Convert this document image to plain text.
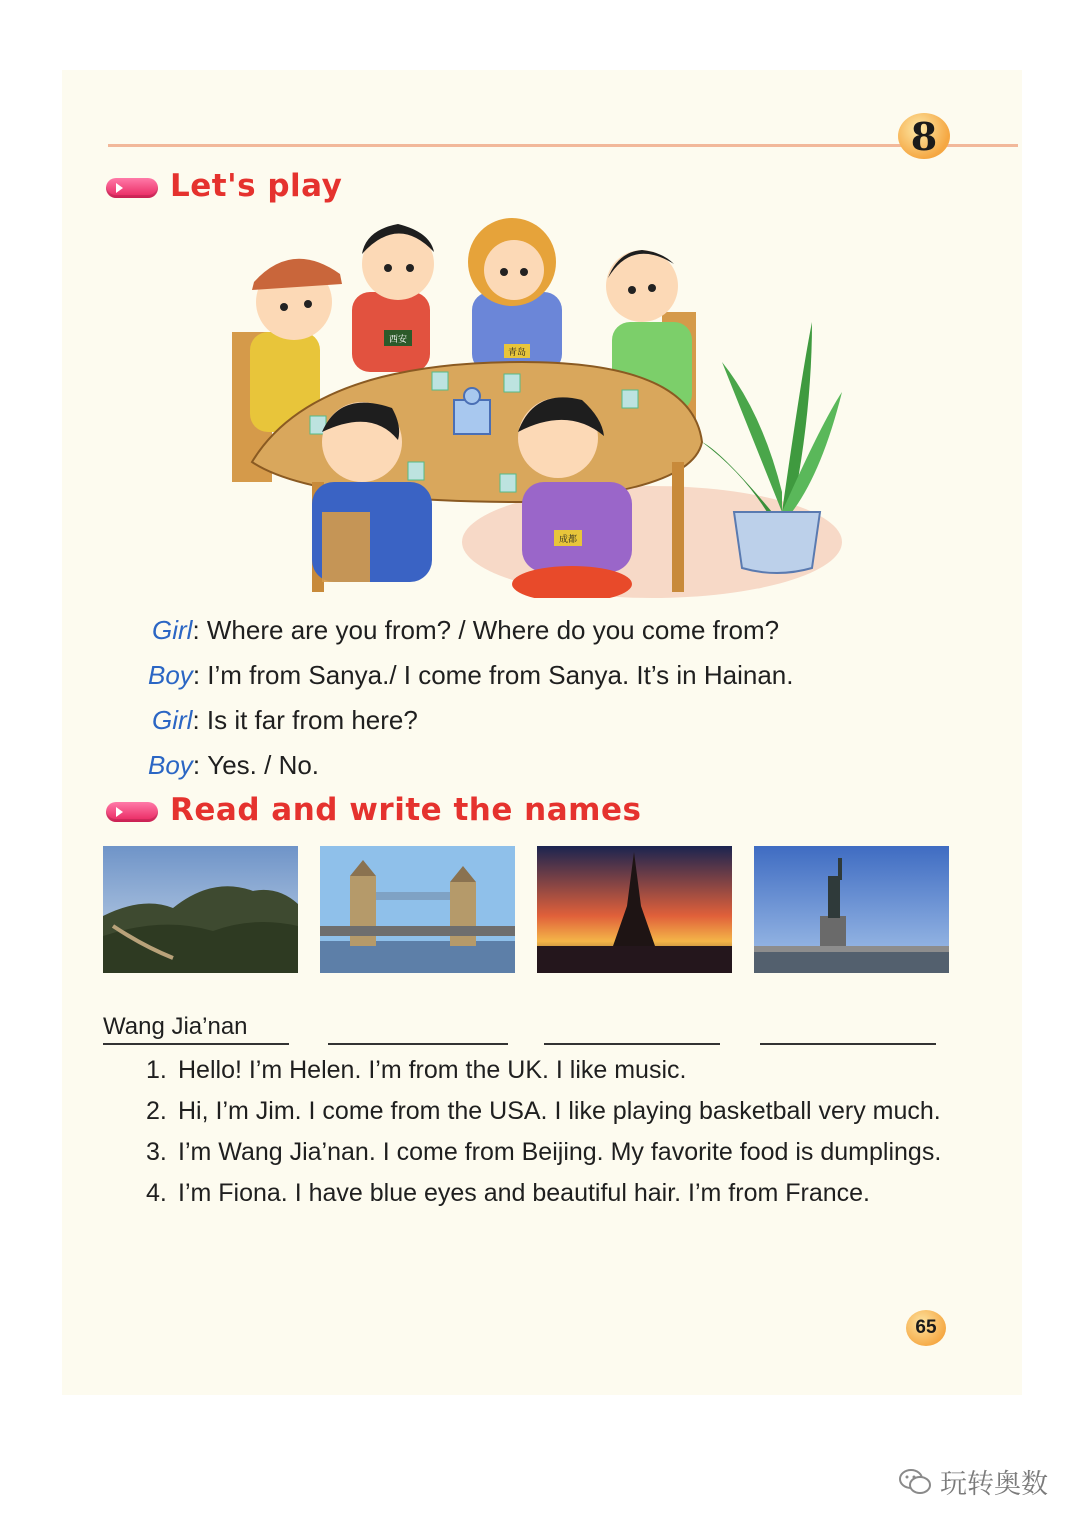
8
Let's play
西安
青岛
成都
Girl : Where are you from? / Where do you come from?
Boy : I’m from Sanya./ I come from Sanya. It’s in Hainan.
Girl : Is it far from here?
Boy : Yes. / No.
Read and write the names
Wang Jia’nan
1. Hello! I’m Helen. I’m from the UK. I like music.
2. Hi, I’m Jim. I come from the USA. I like playing basketball very much.
3. I’m Wang Jia’nan. I come from Beijing. My favorite food is dumplings.
4. I’m Fiona. I have blue eyes and beautiful hair. I’m from France.
65
玩转奥数
